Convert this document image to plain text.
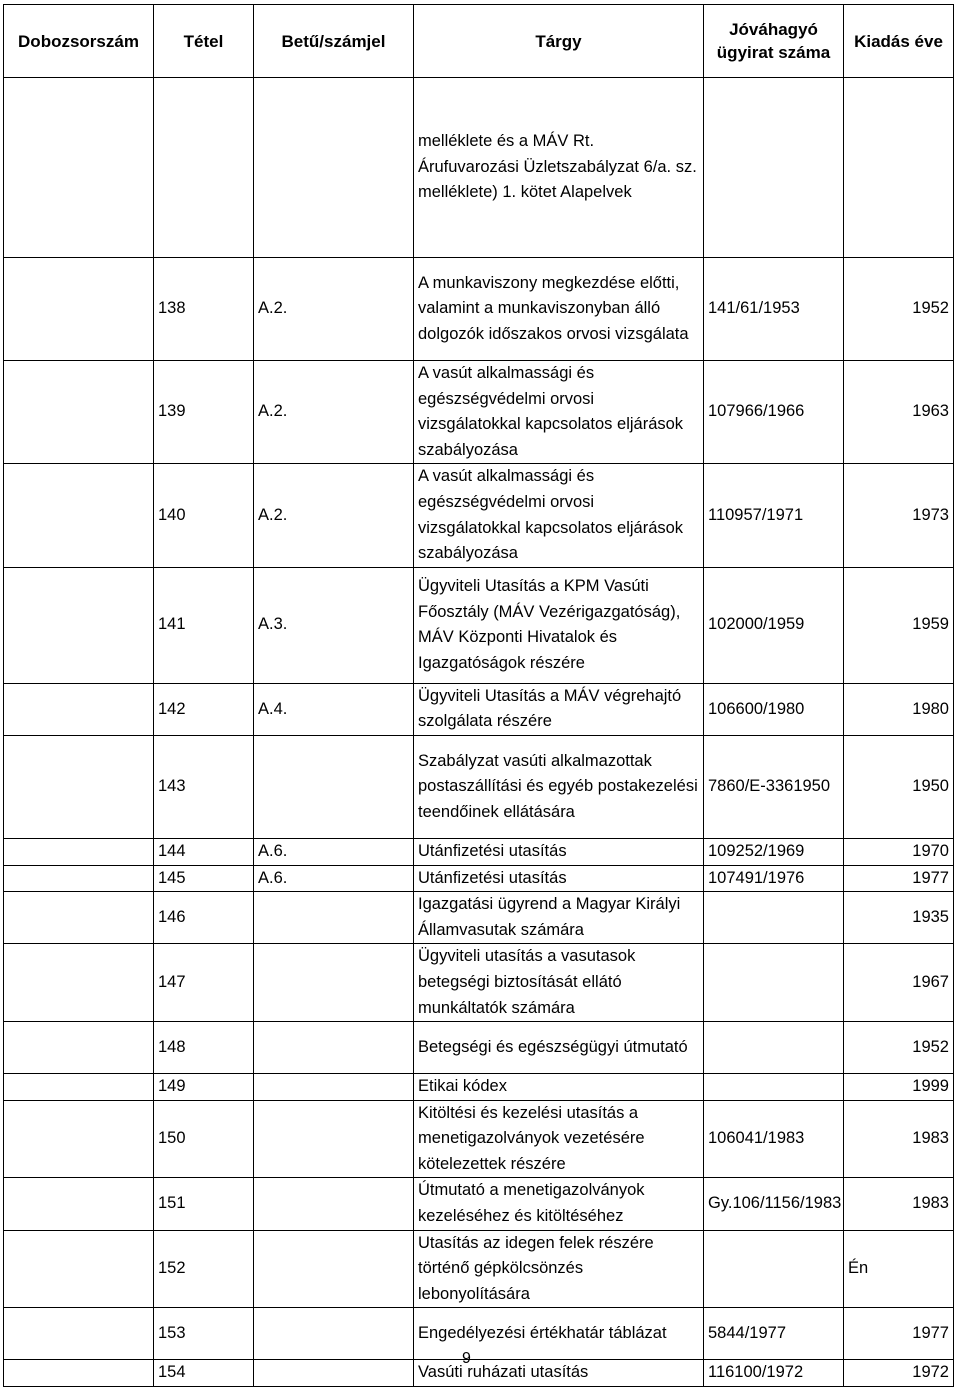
Dobozsorszám	Tétel	Betű/számjel	Tárgy	Jóváhagyó ügyirat száma	Kiadás éve
			melléklete és a MÁV Rt. Árufuvarozási Üzletszabályzat 6/a. sz. melléklete) 1. kötet Alapelvek		
	138	A.2.	A munkaviszony megkezdése előtti, valamint a munkaviszonyban álló dolgozók időszakos orvosi vizsgálata	141/61/1953	1952
	139	A.2.	A vasút alkalmassági és egészségvédelmi orvosi vizsgálatokkal kapcsolatos eljárások szabályozása	107966/1966	1963
	140	A.2.	A vasút alkalmassági és egészségvédelmi orvosi vizsgálatokkal kapcsolatos eljárások szabályozása	110957/1971	1973
	141	A.3.	Ügyviteli Utasítás a KPM Vasúti Főosztály (MÁV Vezérigazgatóság), MÁV Központi Hivatalok és Igazgatóságok részére	102000/1959	1959
	142	A.4.	Ügyviteli Utasítás a MÁV végrehajtó szolgálata részére	106600/1980	1980
	143		Szabályzat vasúti alkalmazottak postaszállítási és egyéb postakezelési teendőinek ellátására	7860/E-3361950	1950
	144	A.6.	Utánfizetési utasítás	109252/1969	1970
	145	A.6.	Utánfizetési utasítás	107491/1976	1977
	146		Igazgatási ügyrend a Magyar Királyi Államvasutak számára		1935
	147		Ügyviteli utasítás a vasutasok betegségi biztosítását ellátó munkáltatók számára		1967
	148		Betegségi és egészségügyi útmutató		1952
	149		Etikai kódex		1999
	150		Kitöltési és kezelési utasítás a menetigazolványok vezetésére kötelezettek részére	106041/1983	1983
	151		Útmutató a menetigazolványok kezeléséhez és kitöltéséhez	Gy.106/1156/1983	1983
	152		Utasítás az idegen felek részére történő gépkölcsönzés lebonyolítására		Én
	153		Engedélyezési értékhatár táblázat	5844/1977	1977
	154		Vasúti ruházati utasítás	116100/1972	1972
9
